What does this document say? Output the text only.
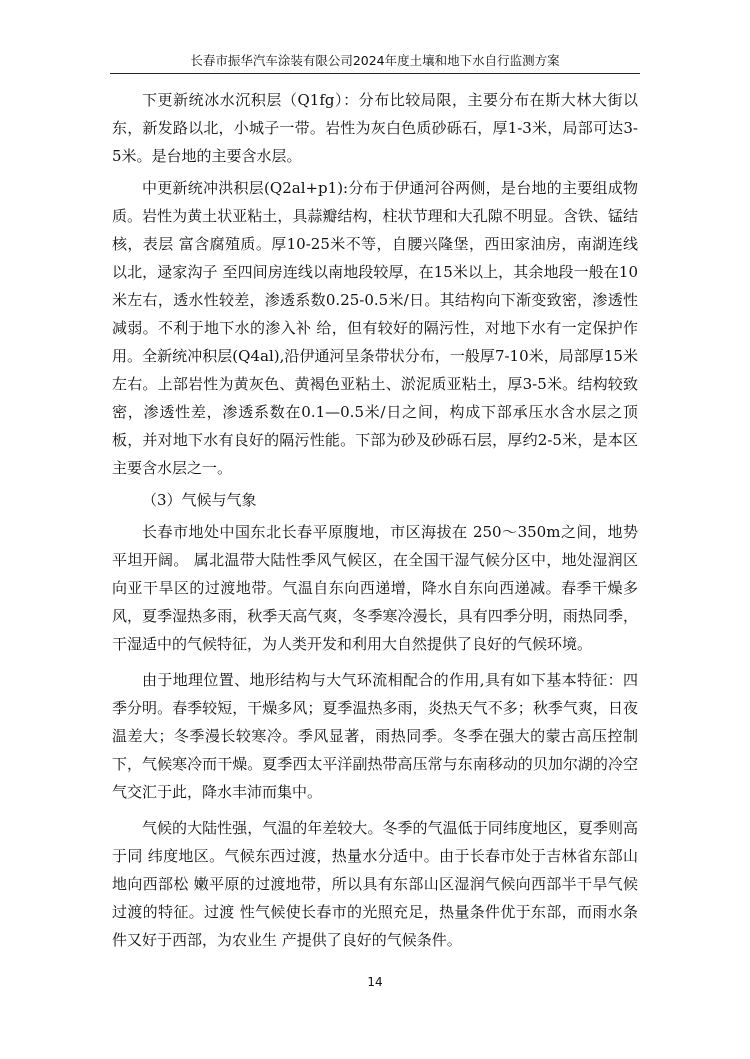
长春市振华汽车涂装有限公司2024年度土壤和地下水自行监测方案

下更新统冰水沉积层（Q1fg）：分布比较局限，主要分布在斯大林大街以东，新发路以北，小城子一带。岩性为灰白色质砂砾石，厚1-3米，局部可达3-5米。是台地的主要含水层。

中更新统冲洪积层(Q2al+p1):分布于伊通河谷两侧，是台地的主要组成物质。岩性为黄土状亚粘土，具蒜瓣结构，柱状节理和大孔隙不明显。含铁、锰结核，表层 富含腐殖质。厚10-25米不等，自腰兴隆堡，西田家油房，南湖连线以北，逯家沟子 至四间房连线以南地段较厚，在15米以上，其余地段一般在10米左右，透水性较差，渗透系数0.25-0.5米/日。其结构向下渐变致密，渗透性减弱。不利于地下水的渗入补 给，但有较好的隔污性，对地下水有一定保护作用。全新统冲积层(Q4al),沿伊通河呈条带状分布，一般厚7-10米，局部厚15米左右。上部岩性为黄灰色、黄褐色亚粘土、淤泥质亚粘土，厚3-5米。结构较致密，渗透性差，渗透系数在0.1—0.5米/日之间，构成下部承压水含水层之顶板，并对地下水有良好的隔污性能。下部为砂及砂砾石层，厚约2-5米，是本区主要含水层之一。

（3）气候与气象

长春市地处中国东北长春平原腹地，市区海拔在 250～350m之间，地势平坦开阔。 属北温带大陆性季风气候区，在全国干湿气候分区中，地处湿润区向亚干旱区的过渡地带。气温自东向西递增，降水自东向西递减。春季干燥多风，夏季湿热多雨，秋季天高气爽，冬季寒冷漫长，具有四季分明，雨热同季，干湿适中的气候特征，为人类开发和利用大自然提供了良好的气候环境。

由于地理位置、地形结构与大气环流相配合的作用,具有如下基本特征：四季分明。春季较短，干燥多风；夏季温热多雨，炎热天气不多；秋季气爽，日夜温差大；冬季漫长较寒冷。季风显著，雨热同季。冬季在强大的蒙古高压控制下，气候寒冷而干燥。夏季西太平洋副热带高压常与东南移动的贝加尔湖的冷空气交汇于此，降水丰沛而集中。

气候的大陆性强，气温的年差较大。冬季的气温低于同纬度地区，夏季则高于同 纬度地区。气候东西过渡，热量水分适中。由于长春市处于吉林省东部山地向西部松 嫩平原的过渡地带，所以具有东部山区湿润气候向西部半干旱气候过渡的特征。过渡 性气候使长春市的光照充足，热量条件优于东部，而雨水条件又好于西部，为农业生 产提供了良好的气候条件。

14
